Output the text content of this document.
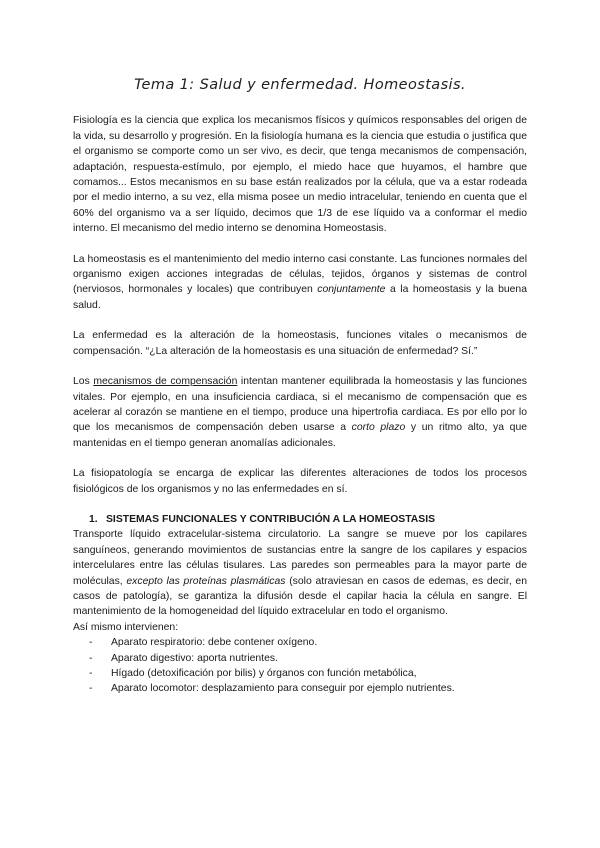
Tema 1: Salud y enfermedad. Homeostasis.

Fisiología es la ciencia que explica los mecanismos físicos y químicos responsables del origen de la vida, su desarrollo y progresión. En la fisiología humana es la ciencia que estudia o justifica que el organismo se comporte como un ser vivo, es decir, que tenga mecanismos de compensación, adaptación, respuesta-estímulo, por ejemplo, el miedo hace que huyamos, el hambre que comamos... Estos mecanismos en su base están realizados por la célula, que va a estar rodeada por el medio interno, a su vez, ella misma posee un medio intracelular, teniendo en cuenta que el 60% del organismo va a ser líquido, decimos que 1/3 de ese líquido va a conformar el medio interno. El mecanismo del medio interno se denomina Homeostasis.

La homeostasis es el mantenimiento del medio interno casi constante. Las funciones normales del organismo exigen acciones integradas de células, tejidos, órganos y sistemas de control (nerviosos, hormonales y locales) que contribuyen conjuntamente a la homeostasis y la buena salud.

La enfermedad es la alteración de la homeostasis, funciones vitales o mecanismos de compensación. “¿La alteración de la homeostasis es una situación de enfermedad? Sí.”

Los mecanismos de compensación intentan mantener equilibrada la homeostasis y las funciones vitales. Por ejemplo, en una insuficiencia cardiaca, si el mecanismo de compensación que es acelerar al corazón se mantiene en el tiempo, produce una hipertrofia cardiaca. Es por ello por lo que los mecanismos de compensación deben usarse a corto plazo y un ritmo alto, ya que mantenidas en el tiempo generan anomalías adicionales.

La fisiopatología se encarga de explicar las diferentes alteraciones de todos los procesos fisiológicos de los organismos y no las enfermedades en sí.

1. SISTEMAS FUNCIONALES Y CONTRIBUCIÓN A LA HOMEOSTASIS

Transporte líquido extracelular-sistema circulatorio. La sangre se mueve por los capilares sanguíneos, generando movimientos de sustancias entre la sangre de los capilares y espacios intercelulares entre las células tisulares. Las paredes son permeables para la mayor parte de moléculas, excepto las proteínas plasmáticas (solo atraviesan en casos de edemas, es decir, en casos de patología), se garantiza la difusión desde el capilar hacia la célula en sangre. El mantenimiento de la homogeneidad del líquido extracelular en todo el organismo.

Así mismo intervienen:

- Aparato respiratorio: debe contener oxígeno.
- Aparato digestivo: aporta nutrientes.
- Hígado (detoxificación por bilis) y órganos con función metabólica,
- Aparato locomotor: desplazamiento para conseguir por ejemplo nutrientes.
